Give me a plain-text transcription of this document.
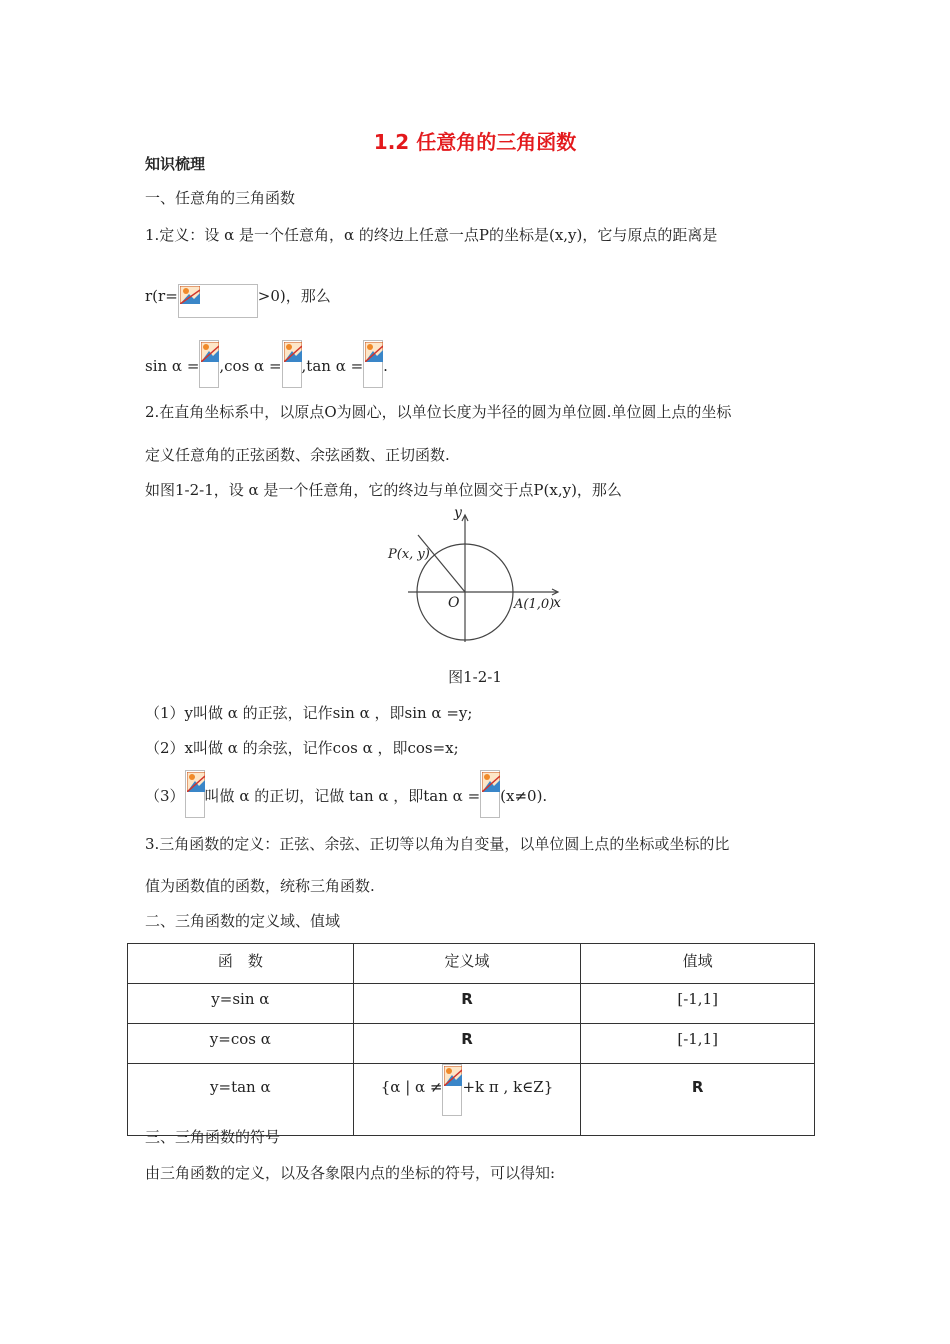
1.2 任意角的三角函数
知识梳理
一、任意角的三角函数
1.定义：设 α 是一个任意角，α 的终边上任意一点P的坐标是(x,y)，它与原点的距离是
r(r=	>0)，那么
sin α = ,cos α = ,tan α = .
2.在直角坐标系中，以原点O为圆心，以单位长度为半径的圆为单位圆.单位圆上点的坐标
定义任意角的正弦函数、余弦函数、正切函数.
如图1-2-1，设 α 是一个任意角，它的终边与单位圆交于点P(x,y)，那么
y
x
O
P(x, y)
A(1,0)
图1-2-1
（1）y叫做 α 的正弦，记作sin α ，即sin α =y;
（2）x叫做 α 的余弦，记作cos α ，即cos=x;
（3） 叫做 α 的正切，记做 tan α ，即tan α = (x≠0).
3.三角函数的定义：正弦、余弦、正切等以角为自变量，以单位圆上点的坐标或坐标的比
值为函数值的函数，统称三角函数.
二、三角函数的定义域、值域
函　数	定义域	值域
y=sin α	R	[-1,1]
y=cos α	R	[-1,1]
y=tan α	{α | α ≠ +k π , k∈Z}	R
三、三角函数的符号
由三角函数的定义，以及各象限内点的坐标的符号，可以得知:
